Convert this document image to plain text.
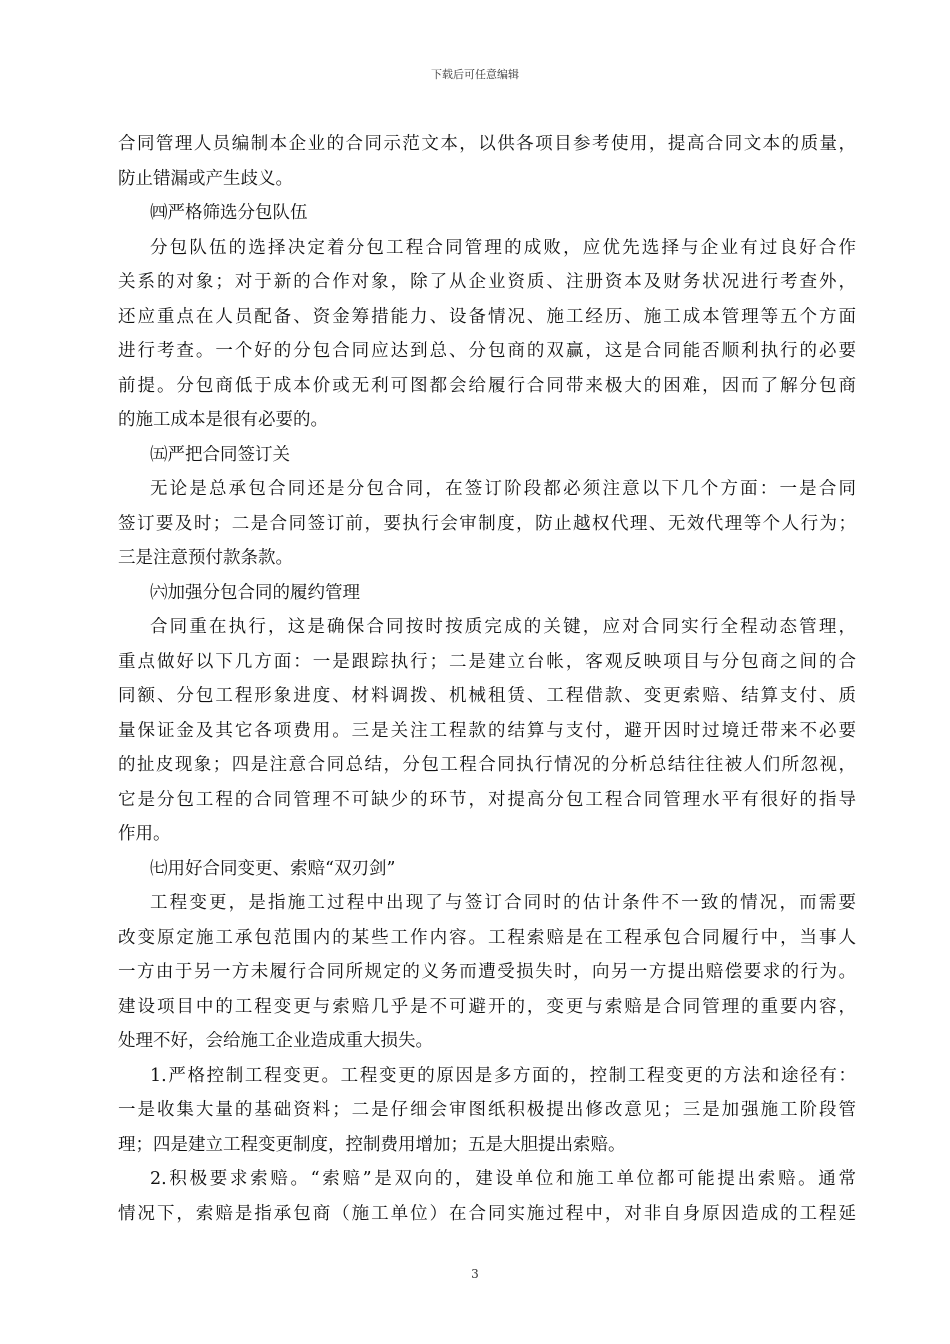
下载后可任意编辑
合同管理人员编制本企业的合同示范文本，以供各项目参考使用，提高合同文本的质量，
防止错漏或产生歧义。
㈣严格筛选分包队伍
分包队伍的选择决定着分包工程合同管理的成败，应优先选择与企业有过良好合作
关系的对象；对于新的合作对象，除了从企业资质、注册资本及财务状况进行考查外，
还应重点在人员配备、资金筹措能力、设备情况、施工经历、施工成本管理等五个方面
进行考查。一个好的分包合同应达到总、分包商的双赢，这是合同能否顺利执行的必要
前提。分包商低于成本价或无利可图都会给履行合同带来极大的困难，因而了解分包商
的施工成本是很有必要的。
㈤严把合同签订关
无论是总承包合同还是分包合同，在签订阶段都必须注意以下几个方面：一是合同
签订要及时；二是合同签订前，要执行会审制度，防止越权代理、无效代理等个人行为；
三是注意预付款条款。
㈥加强分包合同的履约管理
合同重在执行，这是确保合同按时按质完成的关键，应对合同实行全程动态管理，
重点做好以下几方面：一是跟踪执行；二是建立台帐，客观反映项目与分包商之间的合
同额、分包工程形象进度、材料调拨、机械租赁、工程借款、变更索赔、结算支付、质
量保证金及其它各项费用。三是关注工程款的结算与支付，避开因时过境迁带来不必要
的扯皮现象；四是注意合同总结，分包工程合同执行情况的分析总结往往被人们所忽视，
它是分包工程的合同管理不可缺少的环节，对提高分包工程合同管理水平有很好的指导
作用。
㈦用好合同变更、索赔“双刃剑”
工程变更，是指施工过程中出现了与签订合同时的估计条件不一致的情况，而需要
改变原定施工承包范围内的某些工作内容。工程索赔是在工程承包合同履行中，当事人
一方由于另一方未履行合同所规定的义务而遭受损失时，向另一方提出赔偿要求的行为。
建设项目中的工程变更与索赔几乎是不可避开的，变更与索赔是合同管理的重要内容，
处理不好，会给施工企业造成重大损失。
1.严格控制工程变更。工程变更的原因是多方面的，控制工程变更的方法和途径有：
一是收集大量的基础资料；二是仔细会审图纸积极提出修改意见；三是加强施工阶段管
理；四是建立工程变更制度，控制费用增加；五是大胆提出索赔。
2.积极要求索赔。“索赔”是双向的，建设单位和施工单位都可能提出索赔。通常
情况下，索赔是指承包商（施工单位）在合同实施过程中，对非自身原因造成的工程延
3
